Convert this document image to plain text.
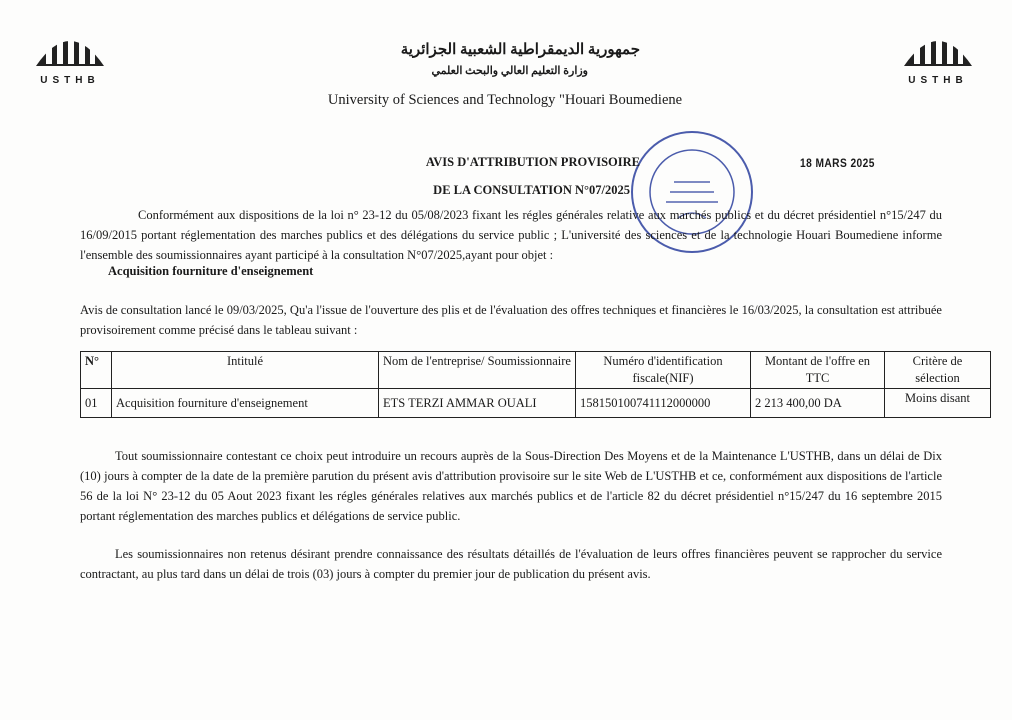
USTHB	USTHB
جمهورية الديمقراطية الشعبية الجزائرية
وزارة التعليم العالي والبحث العلمي
University of Sciences and Technology "Houari Boumediene
AVIS D'ATTRIBUTION PROVISOIRE
DE LA CONSULTATION N°07/2025
18 MARS 2025

Conformément aux dispositions de la loi n° 23-12 du 05/08/2023 fixant les régles générales relative aux marchés publics et du décret présidentiel n°15/247 du 16/09/2015 portant réglementation des marches publics et des délégations du service public ; L'université des sciences et de la technologie Houari Boumediene informe l'ensemble des soumissionnaires ayant participé à la consultation N°07/2025,ayant pour objet :

Acquisition fourniture d'enseignement

Avis de consultation lancé le 09/03/2025, Qu'a l'issue de l'ouverture des plis et de l'évaluation des offres techniques et financières le 16/03/2025, la consultation est attribuée provisoirement comme précisé dans le tableau suivant :

N°	Intitulé	Nom de l'entreprise/ Soumissionnaire	Numéro d'identification fiscale(NIF)	Montant de l'offre en TTC	Critère de sélection
01	Acquisition fourniture d'enseignement	ETS TERZI AMMAR OUALI	158150100741112000000	2 213 400,00 DA	Moins disant

Tout soumissionnaire contestant ce choix peut introduire un recours auprès de la Sous-Direction Des Moyens et de la Maintenance L'USTHB, dans un délai de Dix (10) jours à compter de la date de la première parution du présent avis d'attribution provisoire sur le site Web de L'USTHB et ce, conformément aux dispositions de l'article 56 de la loi N° 23-12 du 05 Aout 2023 fixant les régles générales relatives aux marchés publics et de l'article 82 du décret présidentiel n°15/247 du 16 septembre 2015 portant réglementation des marches publics et délégations de service public.

Les soumissionnaires non retenus désirant prendre connaissance des résultats détaillés de l'évaluation de leurs offres financières peuvent se rapprocher du service contractant, au plus tard dans un délai de trois (03) jours à compter du premier jour de publication du présent avis.
